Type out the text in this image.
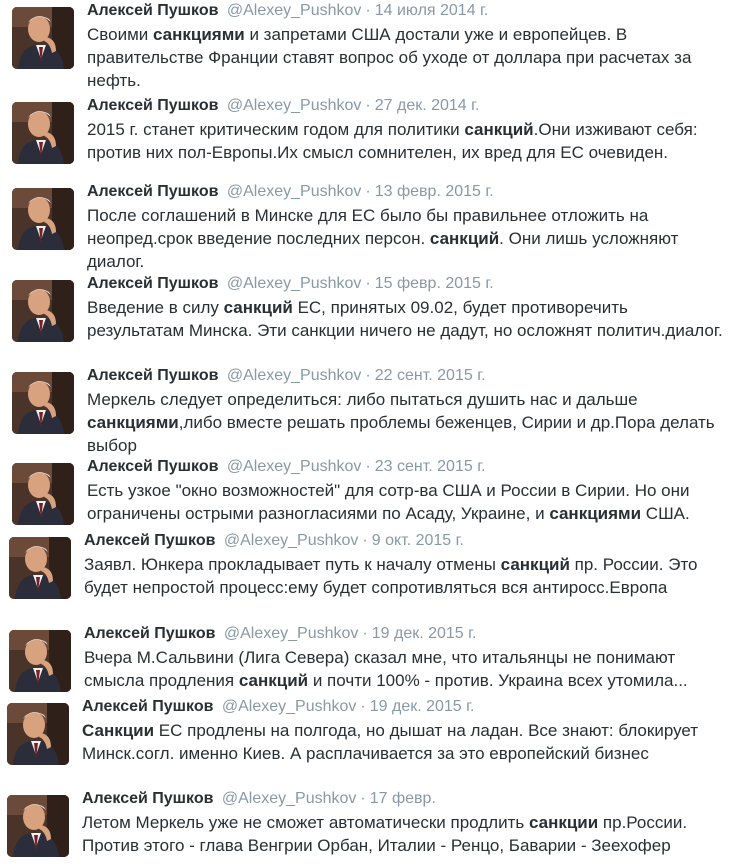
Алексей Пушков @Alexey_Pushkov · 14 июля 2014 г.
Своими санкциями и запретами США достали уже и европейцев. В правительстве Франции ставят вопрос об уходе от доллара при расчетах за нефть.
Алексей Пушков @Alexey_Pushkov · 27 дек. 2014 г.
2015 г. станет критическим годом для политики санкций.Они изживают себя: против них пол-Европы.Их смысл сомнителен, их вред для ЕС очевиден.
Алексей Пушков @Alexey_Pushkov · 13 февр. 2015 г.
После соглашений в Минске для ЕС было бы правильнее отложить на неопред.срок введение последних персон. санкций. Они лишь усложняют диалог.
Алексей Пушков @Alexey_Pushkov · 15 февр. 2015 г.
Введение в силу санкций ЕС, принятых 09.02, будет противоречить результатам Минска. Эти санкции ничего не дадут, но осложнят политич.диалог.
Алексей Пушков @Alexey_Pushkov · 22 сент. 2015 г.
Меркель следует определиться: либо пытаться душить нас и дальше санкциями,либо вместе решать проблемы беженцев, Сирии и др.Пора делать выбор
Алексей Пушков @Alexey_Pushkov · 23 сент. 2015 г.
Есть узкое "окно возможностей" для сотр-ва США и России в Сирии. Но они ограничены острыми разногласиями по Асаду, Украине, и санкциями США.
Алексей Пушков @Alexey_Pushkov · 9 окт. 2015 г.
Заявл. Юнкера прокладывает путь к началу отмены санкций пр. России. Это будет непростой процесс:ему будет сопротивляться вся антиросс.Европа
Алексей Пушков @Alexey_Pushkov · 19 дек. 2015 г.
Вчера М.Сальвини (Лига Севера) сказал мне, что итальянцы не понимают смысла продления санкций и почти 100% - против. Украина всех утомила...
Алексей Пушков @Alexey_Pushkov · 19 дек. 2015 г.
Санкции ЕС продлены на полгода, но дышат на ладан. Все знают: блокирует Минск.согл. именно Киев. А расплачивается за это европейский бизнес
Алексей Пушков @Alexey_Pushkov · 17 февр.
Летом Меркель уже не сможет автоматически продлить санкции пр.России. Против этого - глава Венгрии Орбан, Италии - Ренцо, Баварии - Зеехофер
